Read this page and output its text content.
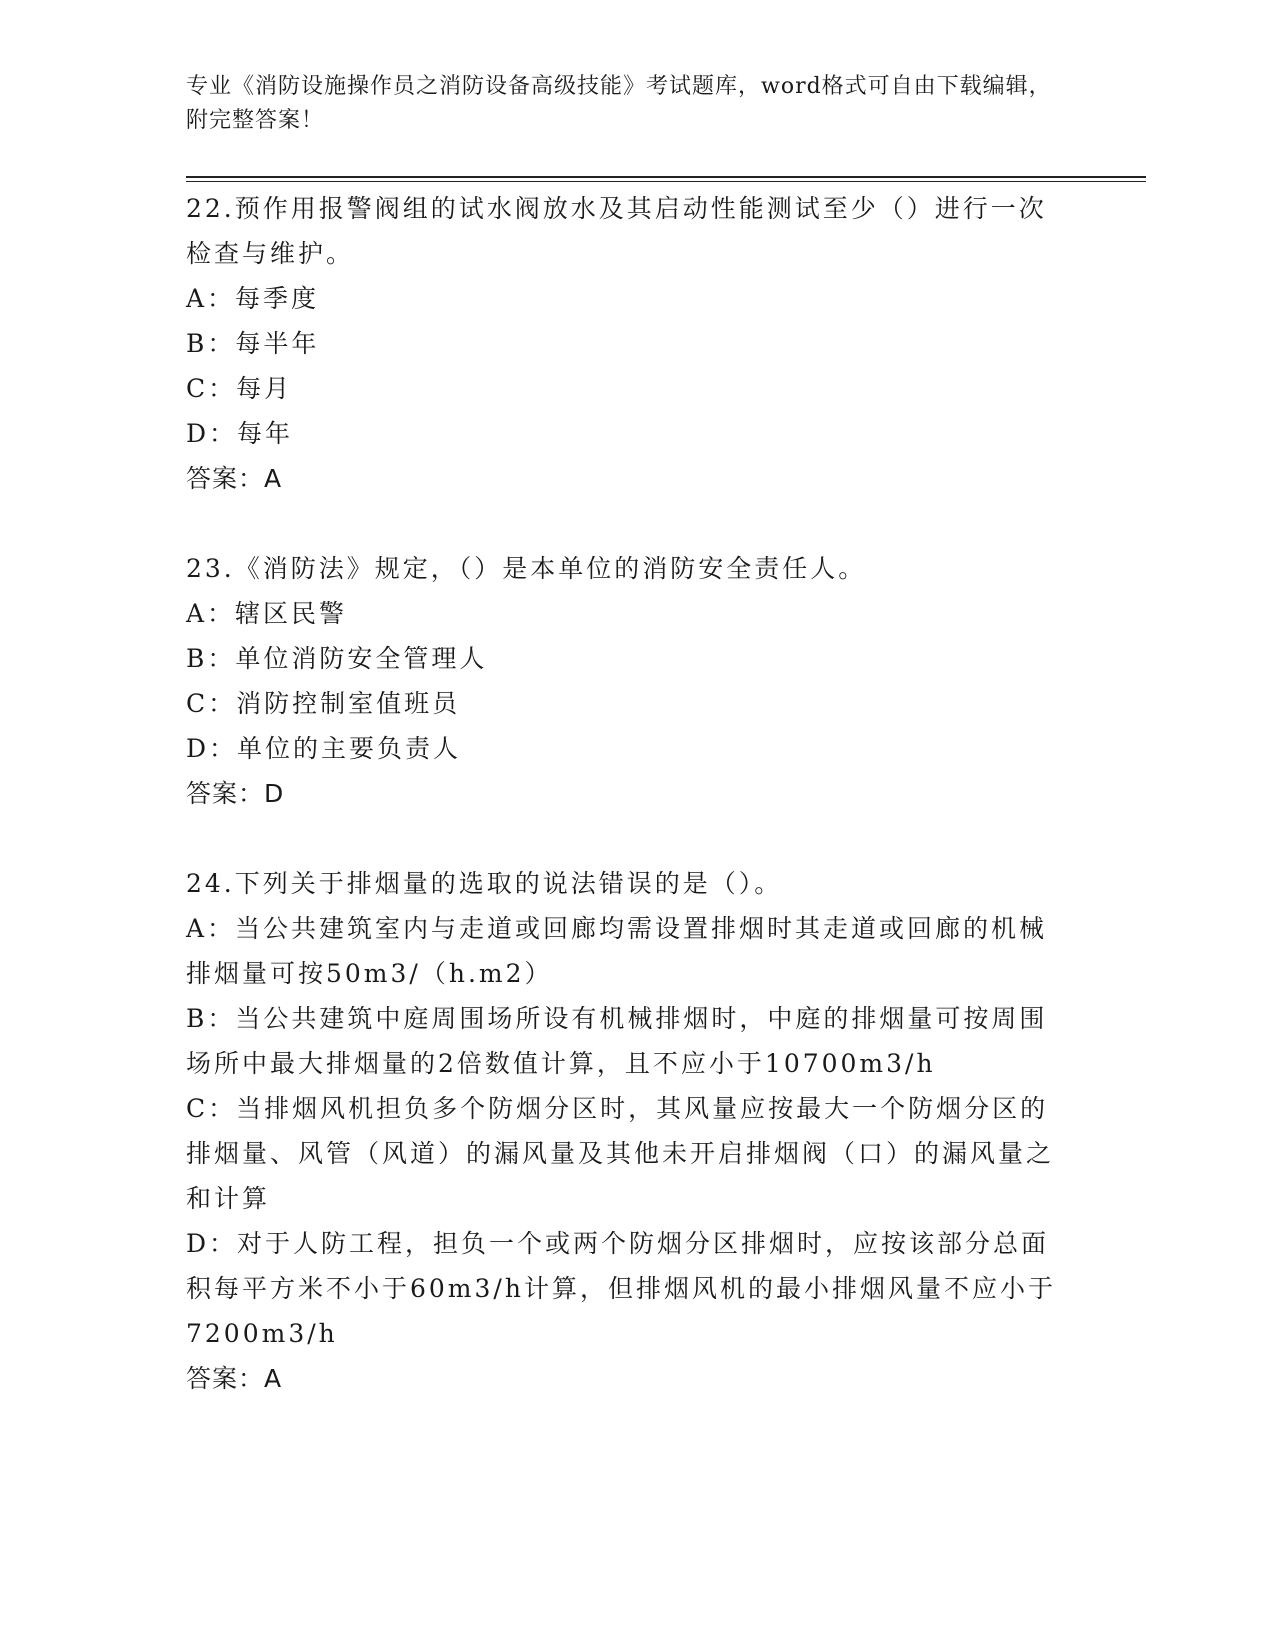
专业《消防设施操作员之消防设备高级技能》考试题库，word格式可自由下载编辑，附完整答案！

22.预作用报警阀组的试水阀放水及其启动性能测试至少（）进行一次检查与维护。

A：每季度

B：每半年

C：每月

D：每年

答案：A

23.《消防法》规定，（）是本单位的消防安全责任人。

A：辖区民警

B：单位消防安全管理人

C：消防控制室值班员

D：单位的主要负责人

答案：D

24.下列关于排烟量的选取的说法错误的是（）。

A：当公共建筑室内与走道或回廊均需设置排烟时其走道或回廊的机械排烟量可按50m3/（h.m2）

B：当公共建筑中庭周围场所设有机械排烟时，中庭的排烟量可按周围场所中最大排烟量的2倍数值计算，且不应小于10700m3/h

C：当排烟风机担负多个防烟分区时，其风量应按最大一个防烟分区的排烟量、风管（风道）的漏风量及其他未开启排烟阀（口）的漏风量之和计算

D：对于人防工程，担负一个或两个防烟分区排烟时，应按该部分总面积每平方米不小于60m3/h计算，但排烟风机的最小排烟风量不应小于7200m3/h

答案：A
